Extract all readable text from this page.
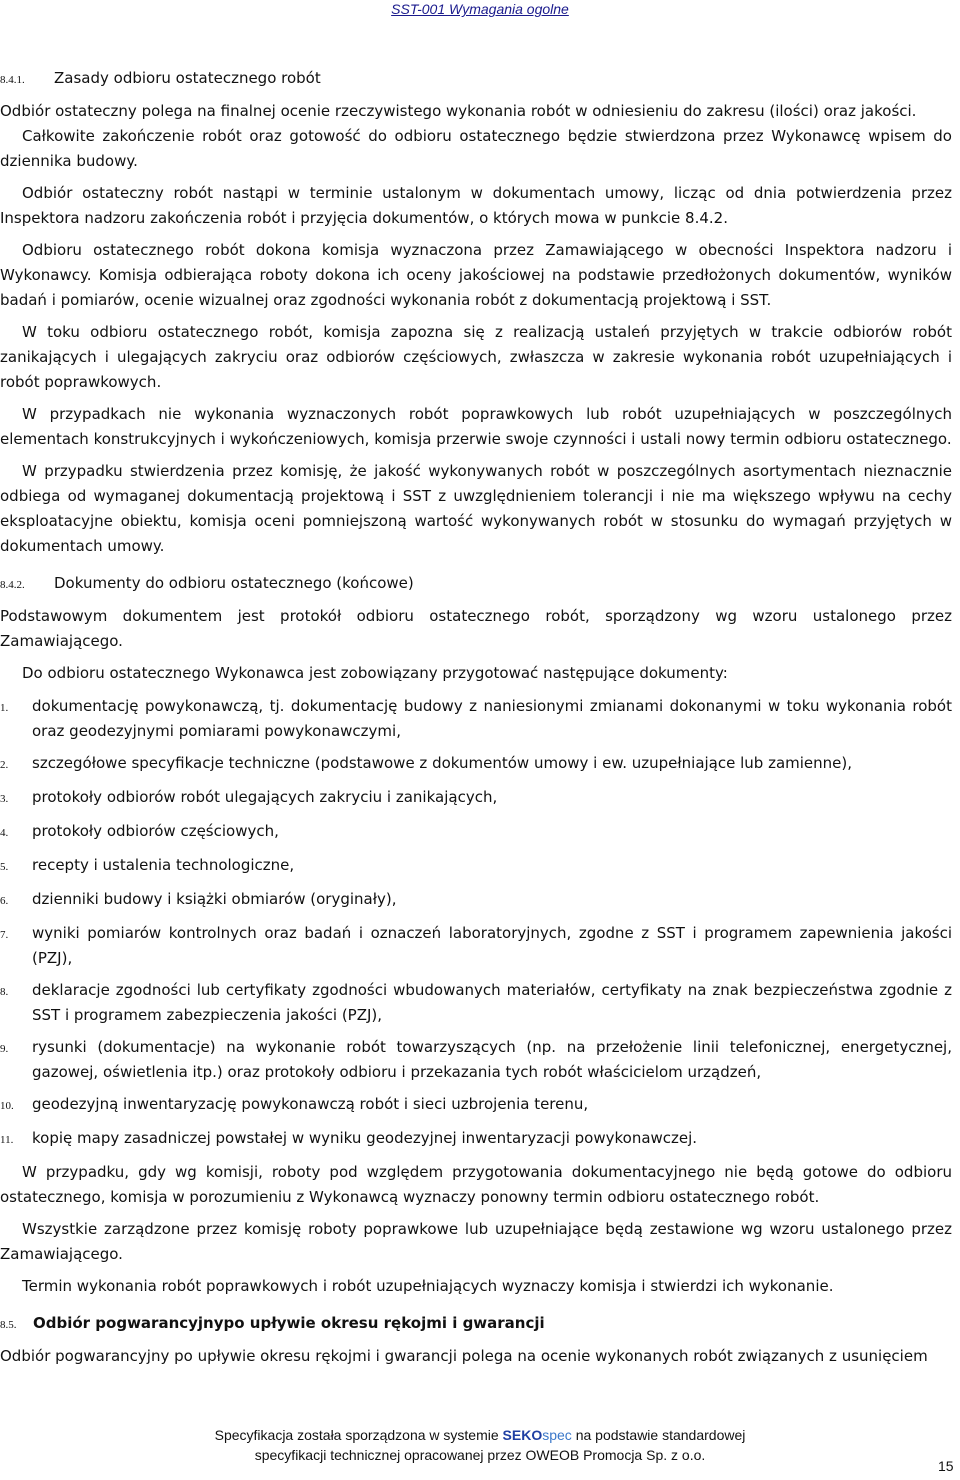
SST-001 Wymagania ogolne
8.4.1.	Zasady odbioru ostatecznego robót

Odbiór ostateczny polega na finalnej ocenie rzeczywistego wykonania robót w odniesieniu do zakresu (ilości) oraz jakości.

Całkowite zakończenie robót oraz gotowość do odbioru ostatecznego będzie stwierdzona przez Wykonawcę wpisem do dziennika budowy.

Odbiór ostateczny robót nastąpi w terminie ustalonym w dokumentach umowy, licząc od dnia potwierdzenia przez Inspektora nadzoru zakończenia robót i przyjęcia dokumentów, o których mowa w punkcie 8.4.2.

Odbioru ostatecznego robót dokona komisja wyznaczona przez Zamawiającego w obecności Inspektora nadzoru i Wykonawcy. Komisja odbierająca roboty dokona ich oceny jakościowej na podstawie przedłożonych dokumentów, wyników badań i pomiarów, ocenie wizualnej oraz zgodności wykonania robót z dokumentacją projektową i SST.

W toku odbioru ostatecznego robót, komisja zapozna się z realizacją ustaleń przyjętych w trakcie odbiorów robót zanikających i ulegających zakryciu oraz odbiorów częściowych, zwłaszcza w zakresie wykonania robót uzupełniających i robót poprawkowych.

W przypadkach nie wykonania wyznaczonych robót poprawkowych lub robót uzupełniających w poszczególnych elementach konstrukcyjnych i wykończeniowych, komisja przerwie swoje czynności i ustali nowy termin odbioru ostatecznego.

W przypadku stwierdzenia przez komisję, że jakość wykonywanych robót w poszczególnych asortymentach nieznacznie odbiega od wymaganej dokumentacją projektową i SST z uwzględnieniem tolerancji i nie ma większego wpływu na cechy eksploatacyjne obiektu, komisja oceni pomniejszoną wartość wykonywanych robót w stosunku do wymagań przyjętych w dokumentach umowy.

8.4.2.	Dokumenty do odbioru ostatecznego (końcowe)

Podstawowym dokumentem jest protokół odbioru ostatecznego robót, sporządzony wg wzoru ustalonego przez Zamawiającego.

Do odbioru ostatecznego Wykonawca jest zobowiązany przygotować następujące dokumenty:

1.	dokumentację powykonawczą, tj. dokumentację budowy z naniesionymi zmianami dokonanymi w toku wykonania robót oraz geodezyjnymi pomiarami powykonawczymi,
2.	szczegółowe specyfikacje techniczne (podstawowe z dokumentów umowy i ew. uzupełniające lub zamienne),
3.	protokoły odbiorów robót ulegających zakryciu i zanikających,
4.	protokoły odbiorów częściowych,
5.	recepty i ustalenia technologiczne,
6.	dzienniki budowy i książki obmiarów (oryginały),
7.	wyniki pomiarów kontrolnych oraz badań i oznaczeń laboratoryjnych, zgodne z SST i programem zapewnienia jakości (PZJ),
8.	deklaracje zgodności lub certyfikaty zgodności wbudowanych materiałów, certyfikaty na znak bezpieczeństwa zgodnie z SST i programem zabezpieczenia jakości (PZJ),
9.	rysunki (dokumentacje) na wykonanie robót towarzyszących (np. na przełożenie linii telefonicznej, energetycznej, gazowej, oświetlenia itp.) oraz protokoły odbioru i przekazania tych robót właścicielom urządzeń,
10.	geodezyjną inwentaryzację powykonawczą robót i sieci uzbrojenia terenu,
11.	kopię mapy zasadniczej powstałej w wyniku geodezyjnej inwentaryzacji powykonawczej.

W przypadku, gdy wg komisji, roboty pod względem przygotowania dokumentacyjnego nie będą gotowe do odbioru ostatecznego, komisja w porozumieniu z Wykonawcą wyznaczy ponowny termin odbioru ostatecznego robót.

Wszystkie zarządzone przez komisję roboty poprawkowe lub uzupełniające będą zestawione wg wzoru ustalonego przez Zamawiającego.

Termin wykonania robót poprawkowych i robót uzupełniających wyznaczy komisja i stwierdzi ich wykonanie.

8.5.	Odbiór pogwarancyjnypo upływie okresu rękojmi i gwarancji

Odbiór pogwarancyjny po upływie okresu rękojmi i gwarancji polega na ocenie wykonanych robót związanych z usunięciem

Specyfikacja została sporządzona w systemie SEKOspec na podstawie standardowej
specyfikacji technicznej opracowanej przez OWEOB Promocja Sp. z o.o.
15
